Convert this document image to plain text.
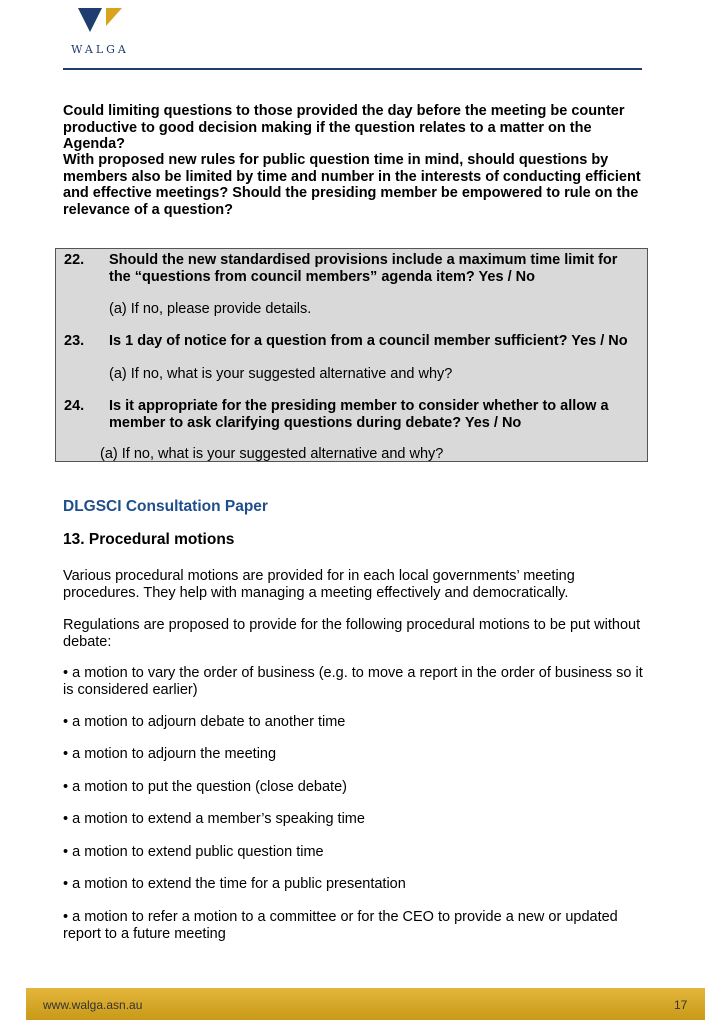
WALGA
Could limiting questions to those provided the day before the meeting be counter productive to good decision making if the question relates to a matter on the Agenda?
With proposed new rules for public question time in mind, should questions by members also be limited by time and number in the interests of conducting efficient and effective meetings? Should the presiding member be empowered to rule on the relevance of a question?
22. Should the new standardised provisions include a maximum time limit for the “questions from council members” agenda item? Yes / No
(a) If no, please provide details.
23. Is 1 day of notice for a question from a council member sufficient? Yes / No
(a) If no, what is your suggested alternative and why?
24. Is it appropriate for the presiding member to consider whether to allow a member to ask clarifying questions during debate? Yes / No
(a) If no, what is your suggested alternative and why?
DLGSCI Consultation Paper
13. Procedural motions
Various procedural motions are provided for in each local governments’ meeting procedures. They help with managing a meeting effectively and democratically.
Regulations are proposed to provide for the following procedural motions to be put without debate:
• a motion to vary the order of business (e.g. to move a report in the order of business so it is considered earlier)
• a motion to adjourn debate to another time
• a motion to adjourn the meeting
• a motion to put the question (close debate)
• a motion to extend a member’s speaking time
• a motion to extend public question time
• a motion to extend the time for a public presentation
• a motion to refer a motion to a committee or for the CEO to provide a new or updated report to a future meeting
www.walga.asn.au	17
